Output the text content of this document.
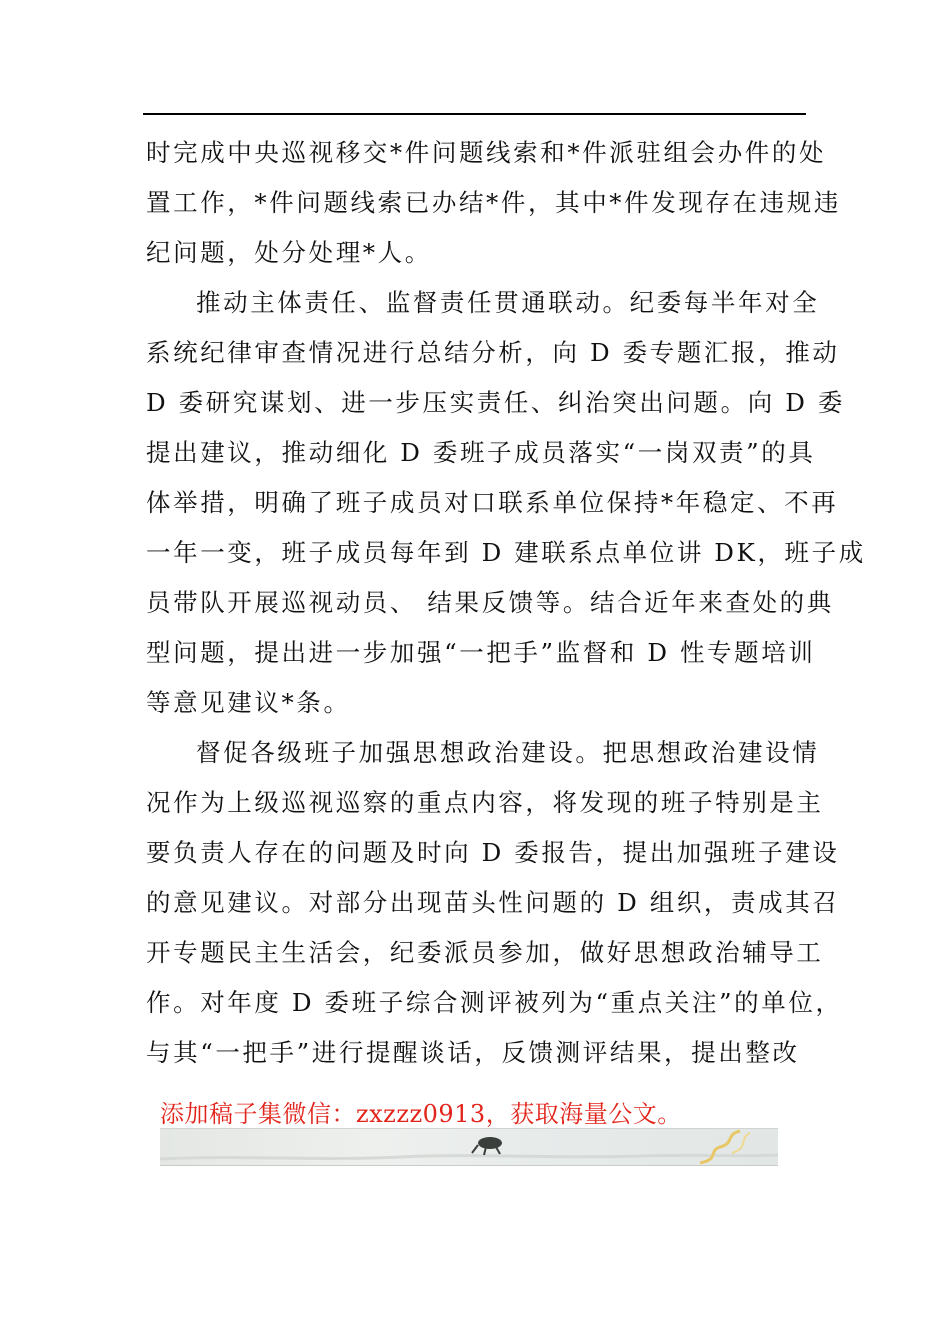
时完成中央巡视移交*件问题线索和*件派驻组会办件的处
置工作，*件问题线索已办结*件，其中*件发现存在违规违
纪问题，处分处理*人。
推动主体责任、监督责任贯通联动。纪委每半年对全
系统纪律审查情况进行总结分析，向 D 委专题汇报，推动
D 委研究谋划、进一步压实责任、纠治突出问题。向 D 委
提出建议，推动细化 D 委班子成员落实“一岗双责”的具
体举措，明确了班子成员对口联系单位保持*年稳定、不再
一年一变，班子成员每年到 D 建联系点单位讲 DK，班子成
员带队开展巡视动员、 结果反馈等。结合近年来查处的典
型问题，提出进一步加强“一把手”监督和 D 性专题培训
等意见建议*条。
督促各级班子加强思想政治建设。把思想政治建设情
况作为上级巡视巡察的重点内容，将发现的班子特别是主
要负责人存在的问题及时向 D 委报告，提出加强班子建设
的意见建议。对部分出现苗头性问题的 D 组织，责成其召
开专题民主生活会，纪委派员参加，做好思想政治辅导工
作。对年度 D 委班子综合测评被列为“重点关注”的单位，
与其“一把手”进行提醒谈话，反馈测评结果，提出整改
添加稿子集微信：zxzzz0913，获取海量公文。
